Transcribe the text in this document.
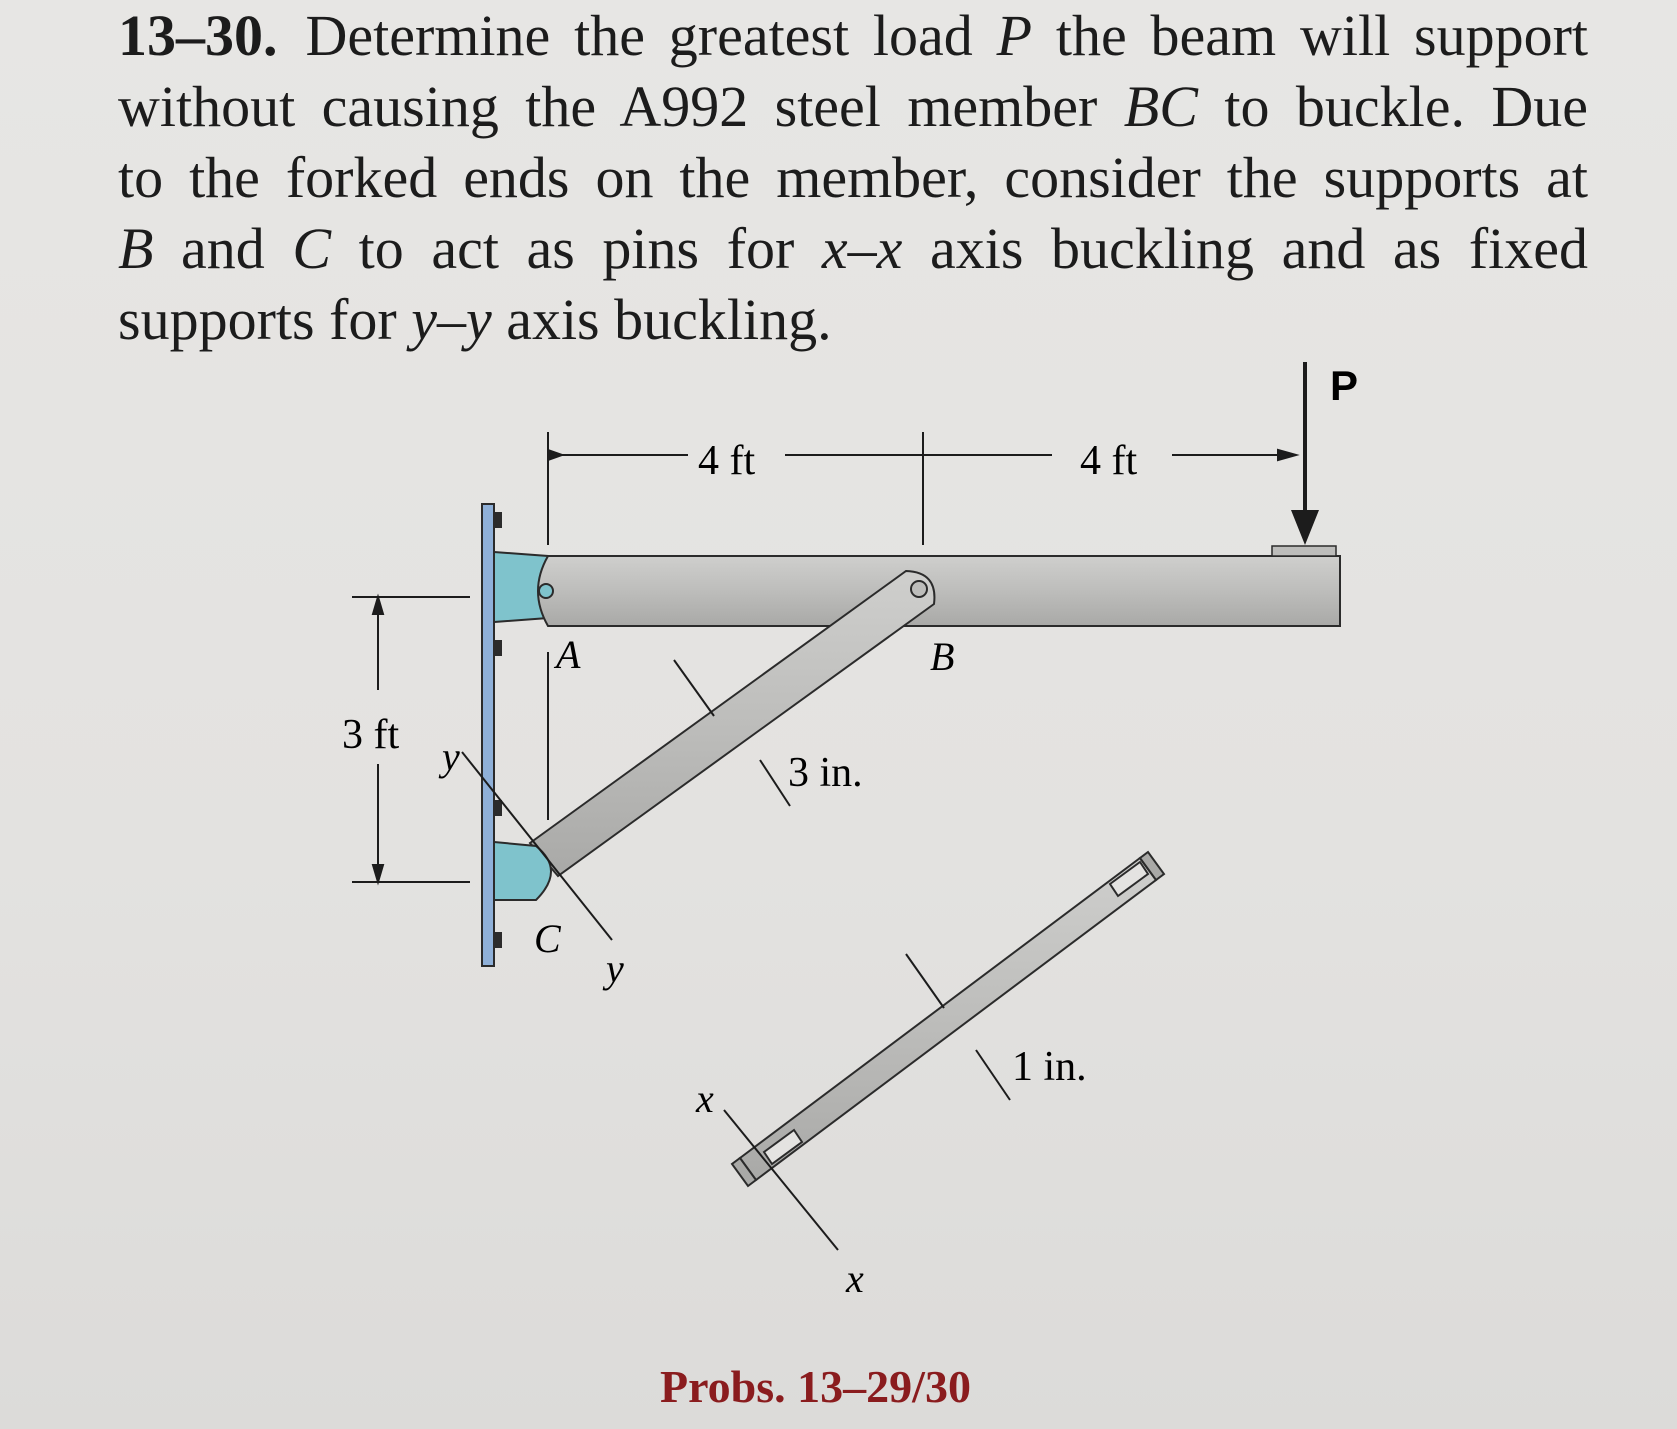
13–30. Determine the greatest load P the beam will support
without causing the A992 steel member BC to buckle. Due
to the forked ends on the member, consider the supports at
B and C to act as pins for x–x axis buckling and as fixed
supports for y–y axis buckling.
4 ft	4 ft
P
3 ft
A	B
C
y
y
3 in.
x
x
1 in.
Probs. 13–29/30
